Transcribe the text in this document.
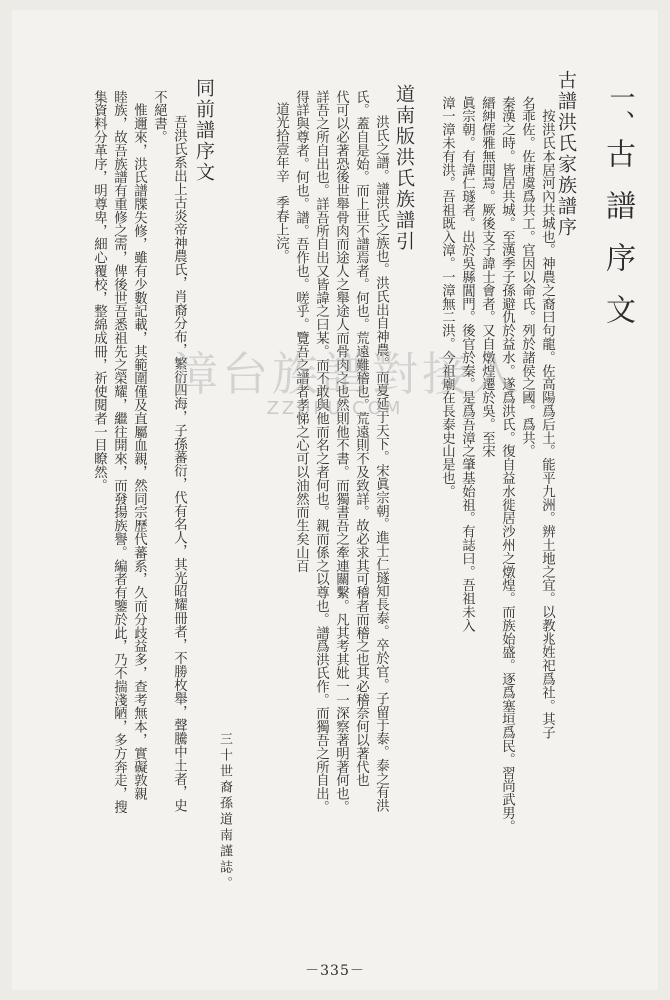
一、
古譜序文
古譜洪氏家族譜序
　按洪氏本居河內共城也。神農之裔曰句龍。佐高陽爲后土。能平九洲。辨土地之宜。以教兆姓祀爲社。其子
名乖佐。佐唐虞爲共工。官因以命氏。列於諸侯之國。爲共。
秦漢之時。皆居共城。至漢季子孫避仇於益水。遂爲洪氏。復自益水徙居沙州之燉煌。而族始盛。逐爲塞垣爲民。習尚武男。
縉紳儒雅無聞焉。厥後支子諱士會者。又自燉煌遷於吳。至宋
眞宗朝。有諱仁璲者。出於吳縣閶門。後官於秦。是爲吾漳之肇基始祖。有誌曰。吾祖未入
漳一漳未有洪。吾祖既入漳。一漳無二洪。今祖廟在長泰史山是也。
道南版洪氏族譜引
　洪氏之譜。譜洪氏之族也。洪氏出自神農。而夏延于天下。宋眞宗朝。進士仁璲知長泰。卒於官。子留于泰。泰之有洪
氏。蓋自是始。而上世不譜焉者。何也。荒遠難稽也。荒遠則不及致詳。故必求其可稽者而稽之也其必稽奈何以著代也
代可以必著恐後世舉骨肉而途人之舉途人而骨肉之也然則他不書。而獨書吾之牽連關繫。凡其考其妣一一深察著明著何也。
詳吾之所自出也。詳吾所自出又皆諱之曰某。而不敢與他而名之者何也。親而係之以尊也。譜爲洪氏作。而獨吾之所自出。
得詳與尊者。何也。譜。吾作也。嗟乎。覽吾之譜者孝悌之心可以油然而生矣山百
道光拾壹年辛　季春上浣。
三十世裔孫道南謹誌。
同前譜序文
　吾洪氏系出上古炎帝神農氏，肖裔分布，繁衍四海，子孫蕃衍，代有名人，其光昭耀冊者，不勝枚舉，聲騰中土者，史
不絕書。
　惟邇來，洪氏譜牒失修，雖有少數記載，其範圍僅及直屬血親，然同宗歷代蕃系，久而分歧益多，查考無本，實礙敦親
睦族，故吾族譜有重修之需，俾後世吾悉祖先之榮耀，繼往開來，而發揚族譽。編者有鑒於此，乃不揣淺陋，多方奔走，搜
集資料分革序，明尊卑，細心覆校，整綿成冊，祈使閱者一目瞭然。
－335－
漳台族譜對接入
ZZUPU.COM
